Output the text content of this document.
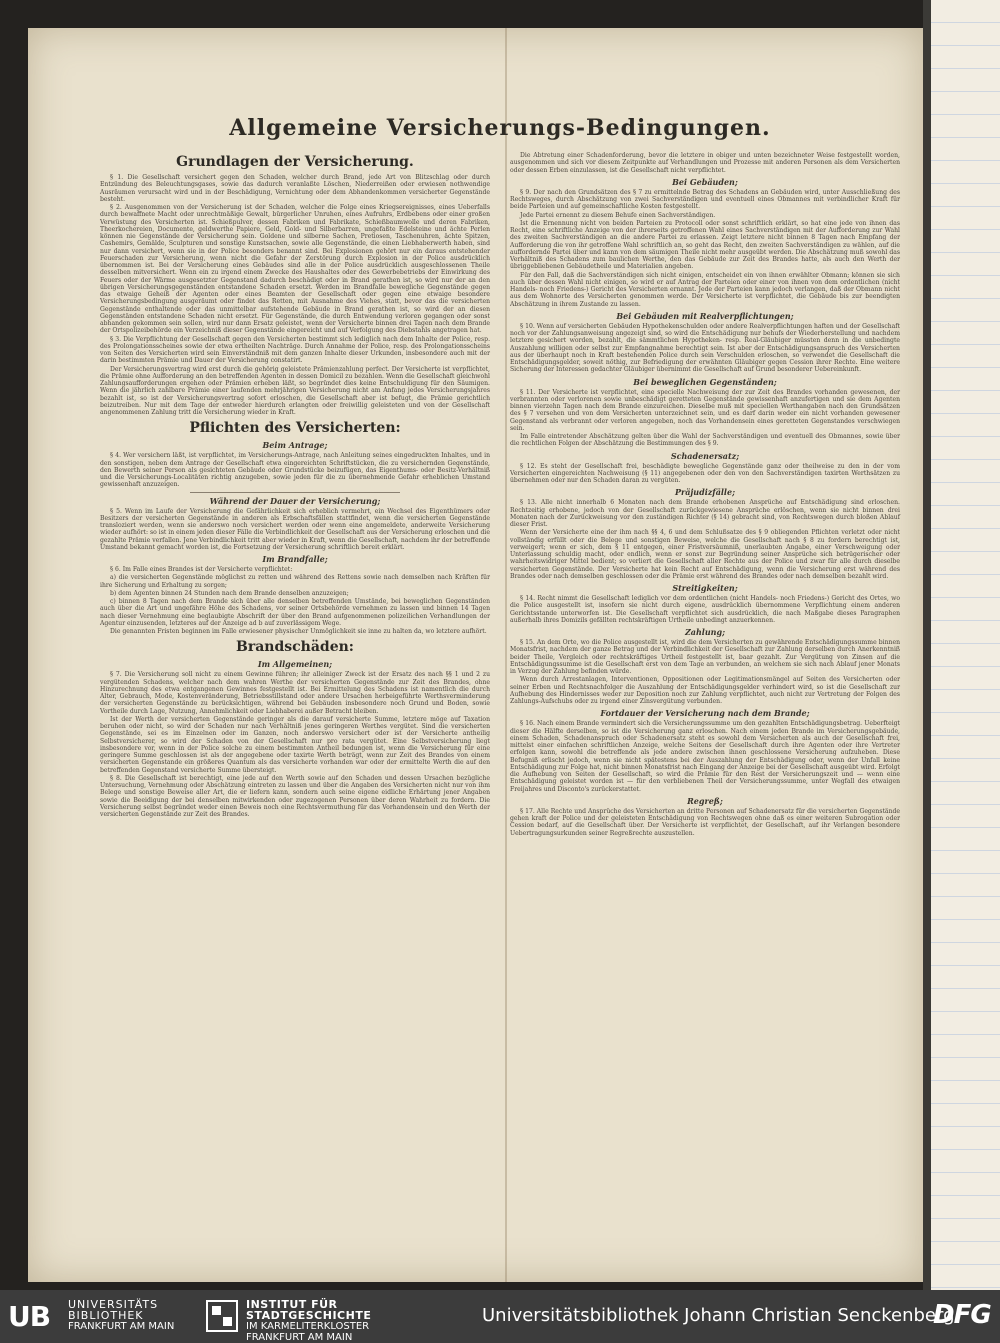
Allgemeine Versicherungs-Bedingungen.
Grundlagen der Versicherung.
§ 1. Die Gesellschaft versichert gegen den Schaden, welcher durch Brand, jede Art von Blitzschlag oder durch Entzündung des Beleuchtungsgases, sowie das dadurch veranlaßte Löschen, Niederreißen oder erwiesen nothwendige Ausräumen verursacht wird und in der Beschädigung, Vernichtung oder dem Abhandenkommen versicherter Gegenstände besteht.
§ 2. Ausgenommen von der Versicherung ist der Schaden, welcher die Folge eines Kriegsereignisses, eines Ueberfalls durch bewaffnete Macht oder unrechtmäßige Gewalt, bürgerlicher Unruhen, eines Aufruhrs, Erdbebens oder einer großen Verwüstung des Versicherten ist. Schießpulver, dessen Fabriken und Fabrikate, Schießbaumwolle und deren Fabriken, Theerkochereien, Documente, geldwerthe Papiere, Geld, Gold- und Silberbarren, ungefaßte Edelsteine und ächte Perlen können nie Gegenstände der Versicherung sein. Goldene und silberne Sachen, Pretiosen, Taschenuhren, ächte Spitzen, Cashemirs, Gemälde, Sculpturen und sonstige Kunstsachen, sowie alle Gegenstände, die einen Liebhaberwerth haben, sind nur dann versichert, wenn sie in der Police besonders benannt sind. Bei Explosionen gehört nur ein daraus entstehender Feuerschaden zur Versicherung, wenn nicht die Gefahr der Zerstörung durch Explosion in der Police ausdrücklich übernommen ist. Bei der Versicherung eines Gebäudes sind alle in der Police ausdrücklich ausgeschlossenen Theile desselben mitversichert. Wenn ein zu irgend einem Zwecke des Haushaltes oder des Gewerbebetriebs der Einwirkung des Feuers oder der Wärme ausgesetzter Gegenstand dadurch beschädigt oder in Brand gerathen ist, so wird nur der an den übrigen Versicherungsgegenständen entstandene Schaden ersetzt. Werden im Brandfalle bewegliche Gegenstände gegen das etwaige Geheiß der Agenten oder eines Beamten der Gesellschaft oder gegen eine etwaige besondere Versicherungsbedingung ausgeräumt oder findet das Retten, mit Ausnahme des Viehes, statt, bevor das die versicherten Gegenstände enthaltende oder das unmittelbar aufstehende Gebäude in Brand gerathen ist, so wird der an diesen Gegenständen entstandene Schaden nicht ersetzt. Für Gegenstände, die durch Entwendung verloren gegangen oder sonst abhanden gekommen sein sollen, wird nur dann Ersatz geleistet, wenn der Versicherte binnen drei Tagen nach dem Brande der Ortspolizeibehörde ein Verzeichniß dieser Gegenstände eingereicht und auf Verfolgung des Diebstahls angetragen hat.
§ 3. Die Verpflichtung der Gesellschaft gegen den Versicherten bestimmt sich lediglich nach dem Inhalte der Police, resp. des Prolongationsscheines sowie der etwa ertheilten Nachträge. Durch Annahme der Police, resp. des Prolongationsscheins von Seiten des Versicherten wird sein Einverständniß mit dem ganzen Inhalte dieser Urkunden, insbesondere auch mit der darin bestimmten Prämie und Dauer der Versicherung constatirt.
Der Versicherungsvertrag wird erst durch die gehörig geleistete Prämienzahlung perfect. Der Versicherte ist verpflichtet, die Prämie ohne Aufforderung an den betreffenden Agenten in dessen Domicil zu bezahlen. Wenn die Gesellschaft gleichwohl Zahlungsaufforderungen ergehen oder Prämien erheben läßt, so begründet dies keine Entschuldigung für den Säumigen. Wenn die jährlich zahlbare Prämie einer laufenden mehrjährigen Versicherung nicht am Anfang jedes Versicherungsjahres bezahlt ist, so ist der Versicherungsvertrag sofort erloschen, die Gesellschaft aber ist befugt, die Prämie gerichtlich beizutreiben. Nur mit dem Tage der entweder hierdurch erlangten oder freiwillig geleisteten und von der Gesellschaft angenommenen Zahlung tritt die Versicherung wieder in Kraft.
Pflichten des Versicherten:
Beim Antrage;
§ 4. Wer versichern läßt, ist verpflichtet, im Versicherungs-Antrage, nach Anleitung seines eingedruckten Inhaltes, und in den sonstigen, neben dem Antrage der Gesellschaft etwa eingereichten Schriftstücken, die zu versichernden Gegenstände, den Bewerth seiner Person als gesichteten Gebäude oder Grundstücke beizufügen, das Eigenthums- oder Besitz-Verhältniß und die Versicherungs-Localitäten richtig anzugeben, sowie jeden für die zu übernehmende Gefahr erheblichen Umstand gewissenhaft anzuzeigen.
Während der Dauer der Versicherung;
§ 5. Wenn im Laufe der Versicherung die Gefährlichkeit sich erheblich vermehrt, ein Wechsel des Eigenthümers oder Besitzers der versicherten Gegenstände in anderen als Erbschaftsfällen stattfindet, wenn die versicherten Gegenstände transloziert werden, wenn sie anderswo noch versichert werden oder wenn eine angemeldete, anderweite Versicherung wieder aufhört: so ist in einem jeden dieser Fälle die Verbindlichkeit der Gesellschaft aus der Versicherung erloschen und die gezahlte Prämie verfallen. Jene Verbindlichkeit tritt aber wieder in Kraft, wenn die Gesellschaft, nachdem ihr der betreffende Umstand bekannt gemacht worden ist, die Fortsetzung der Versicherung schriftlich bereit erklärt.
Im Brandfalle;
§ 6. Im Falle eines Brandes ist der Versicherte verpflichtet:
a) die versicherten Gegenstände möglichst zu retten und während des Rettens sowie nach demselben nach Kräften für ihre Sicherung und Erhaltung zu sorgen;
b) dem Agenten binnen 24 Stunden nach dem Brande denselben anzuzeigen;
c) binnen 8 Tagen nach dem Brande sich über alle denselben betreffenden Umstände, bei beweglichen Gegenständen auch über die Art und ungefähre Höhe des Schadens, vor seiner Ortsbehörde vernehmen zu lassen und binnen 14 Tagen nach dieser Vernehmung eine beglaubigte Abschrift der über den Brand aufgenommenen polizeilichen Verhandlungen der Agentur einzusenden, letzteres auf der Anzeige ad b auf zuverlässigem Wege.
Die genannten Fristen beginnen im Falle erwiesener physischer Unmöglichkeit sie inne zu halten da, wo letztere aufhört.
Brandschäden:
Im Allgemeinen;
§ 7. Die Versicherung soll nicht zu einem Gewinne führen; ihr alleiniger Zweck ist der Ersatz des nach §§ 1 und 2 zu vergütenden Schadens, welcher nach dem wahren Werthe der versicherten Gegenstände zur Zeit des Brandes, ohne Hinzurechnung des etwa entgangenen Gewinnes festgestellt ist. Bei Ermittelung des Schadens ist namentlich die durch Alter, Gebrauch, Mode, Kostenveränderung, Betriebsstillstand oder andere Ursachen herbeigeführte Werthsverminderung der versicherten Gegenstände zu berücksichtigen, während bei Gebäuden insbesondere noch Grund und Boden, sowie Vortheile durch Lage, Nutzung, Annehmlichkeit oder Liebhaberei außer Betracht bleiben.
Ist der Werth der versicherten Gegenstände geringer als die darauf versicherte Summe, letztere möge auf Taxation beruhen oder nicht, so wird der Schaden nur nach Verhältniß jenes geringeren Werthes vergütet. Sind die versicherten Gegenstände, sei es im Einzelnen oder im Ganzen, noch anderswo versichert oder ist der Versicherte antheilig Selbstversicherer, so wird der Schaden von der Gesellschaft nur pro rata vergütet. Eine Selbstversicherung liegt insbesondere vor, wenn in der Police solche zu einem bestimmten Antheil bedungen ist, wenn die Versicherung für eine geringere Summe geschlossen ist als der angegebene oder taxirte Werth beträgt, wenn zur Zeit des Brandes von einem versicherten Gegenstande ein größeres Quantum als das versicherte vorhanden war oder der ermittelte Werth die auf den betreffenden Gegenstand versicherte Summe übersteigt.
§ 8. Die Gesellschaft ist berechtigt, eine jede auf den Werth sowie auf den Schaden und dessen Ursachen bezügliche Untersuchung, Vernehmung oder Abschätzung eintreten zu lassen und über die Angaben des Versicherten nicht nur von ihm Belege und sonstige Beweise aller Art, die er liefern kann, sondern auch seine eigene eidliche Erhärtung jener Angaben sowie die Beeidigung der bei denselben mitwirkenden oder zugezogenen Personen über deren Wahrheit zu fordern. Die Versicherung selbst begründet weder einen Beweis noch eine Rechtsvermuthung für das Vorhandensein und den Werth der versicherten Gegenstände zur Zeit des Brandes.
Die Abtretung einer Schadenforderung, bevor die letztere in obiger und unten bezeichneter Weise festgestellt worden, ausgenommen und sich vor diesem Zeitpunkte auf Verhandlungen und Prozesse mit anderen Personen als dem Versicherten oder dessen Erben einzulassen, ist die Gesellschaft nicht verpflichtet.
Bei Gebäuden;
§ 9. Der nach den Grundsätzen des § 7 zu ermittelnde Betrag des Schadens an Gebäuden wird, unter Ausschließung des Rechtsweges, durch Abschätzung von zwei Sachverständigen und eventuell eines Obmannes mit verbindlicher Kraft für beide Parteien und auf gemeinschaftliche Kosten festgestellt.
Jede Partei ernennt zu diesem Behufe einen Sachverständigen.
Ist die Ernennung nicht von beiden Parteien zu Protocoll oder sonst schriftlich erklärt, so hat eine jede von ihnen das Recht, eine schriftliche Anzeige von der ihrerseits getroffenen Wahl eines Sachverständigen mit der Aufforderung zur Wahl des zweiten Sachverständigen an die andere Partei zu erlassen. Zeigt letztere nicht binnen 8 Tagen nach Empfang der Aufforderung die von ihr getroffene Wahl schriftlich an, so geht das Recht, den zweiten Sachverständigen zu wählen, auf die auffordernde Partei über und kann von dem säumigen Theile nicht mehr ausgeübt werden. Die Abschätzung muß sowohl das Verhältniß des Schadens zum baulichen Werthe, den das Gebäude zur Zeit des Brandes hatte, als auch den Werth der übriggebliebenen Gebäudetheile und Materialien angeben.
Für den Fall, daß die Sachverständigen sich nicht einigen, entscheidet ein von ihnen erwählter Obmann; können sie sich auch über dessen Wahl nicht einigen, so wird er auf Antrag der Parteien oder einer von ihnen von dem ordentlichen (nicht Handels- noch Friedens-) Gericht des Versicherten ernannt. Jede der Parteien kann jedoch verlangen, daß der Obmann nicht aus dem Wohnorte des Versicherten genommen werde. Der Versicherte ist verpflichtet, die Gebäude bis zur beendigten Abschätzung in ihrem Zustande zu lassen.
Bei Gebäuden mit Realverpflichtungen;
§ 10. Wenn auf versicherten Gebäuden Hypothekenschulden oder andere Realverpflichtungen haften und der Gesellschaft noch vor der Zahlungsanweisung angezeigt sind, so wird die Entschädigung nur behufs der Wiederherstellung und nachdem letztere gesichert worden, bezahlt, die sämmtlichen Hypotheken- resp. Real-Gläubiger müssten denn in die unbedingte Auszahlung willigen oder selbst zur Empfangnahme berechtigt sein. Ist aber der Entschädigungsanspruch des Versicherten aus der überhaupt noch in Kraft bestehenden Police durch sein Verschulden erloschen, so verwendet die Gesellschaft die Entschädigungsgelder, soweit nöthig, zur Befriedigung der erwähnten Gläubiger gegen Cession ihrer Rechte. Eine weitere Sicherung der Interessen gedachter Gläubiger übernimmt die Gesellschaft auf Grund besonderer Uebereinkunft.
Bei beweglichen Gegenständen;
§ 11. Der Versicherte ist verpflichtet, eine specielle Nachweisung der zur Zeit des Brandes vorhanden gewesenen, der verbrannten oder verlorenen sowie unbeschädigt geretteten Gegenstände gewissenhaft anzufertigen und sie dem Agenten binnen vierzehn Tagen nach dem Brande einzureichen. Dieselbe muß mit speciellen Werthangaben nach den Grundsätzen des § 7 versehen und von dem Versicherten unterzeichnet sein, und es darf darin weder ein nicht vorhanden gewesener Gegenstand als verbrannt oder verloren angegeben, noch das Vorhandensein eines geretteten Gegenstandes verschwiegen sein.
Im Falle eintretender Abschätzung gelten über die Wahl der Sachverständigen und eventuell des Obmannes, sowie über die rechtlichen Folgen der Abschätzung die Bestimmungen des § 9.
Schadenersatz;
§ 12. Es steht der Gesellschaft frei, beschädigte bewegliche Gegenstände ganz oder theilweise zu den in der vom Versicherten eingereichten Nachweisung (§ 11) angegebenen oder den von den Sachverständigen taxirten Werthsätzen zu übernehmen oder nur den Schaden daran zu vergüten.
Präjudizfälle;
§ 13. Alle nicht innerhalb 6 Monaten nach dem Brande erhobenen Ansprüche auf Entschädigung sind erloschen. Rechtzeitig erhobene, jedoch von der Gesellschaft zurückgewiesene Ansprüche erlöschen, wenn sie nicht binnen drei Monaten nach der Zurückweisung vor den zuständigen Richter (§ 14) gebracht sind, von Rechtswegen durch bloßen Ablauf dieser Frist.
Wenn der Versicherte eine der ihm nach §§ 4, 6 und dem Schlußsatze des § 9 obliegenden Pflichten verletzt oder nicht vollständig erfüllt oder die Belege und sonstigen Beweise, welche die Gesellschaft nach § 8 zu fordern berechtigt ist, verweigert; wenn er sich, dem § 11 entgegen, einer Fristversäumniß, unerlaubten Angabe, einer Verschweigung oder Unterlassung schuldig macht, oder endlich, wenn er sonst zur Begründung seiner Ansprüche sich betrügerischer oder wahrheitswidriger Mittel bedient; so verliert die Gesellschaft aller Rechte aus der Police und zwar für alle durch dieselbe versicherten Gegenstände. Der Versicherte hat kein Recht auf Entschädigung, wenn die Versicherung erst während des Brandes oder nach demselben geschlossen oder die Prämie erst während des Brandes oder nach demselben bezahlt wird.
Streitigkeiten;
§ 14. Recht nimmt die Gesellschaft lediglich vor dem ordentlichen (nicht Handels- noch Friedens-) Gericht des Ortes, wo die Police ausgestellt ist, insofern sie nicht durch eigene, ausdrücklich übernommene Verpflichtung einem anderen Gerichtsstande unterworfen ist. Die Gesellschaft verpflichtet sich ausdrücklich, die nach Maßgabe dieses Paragraphen außerhalb ihres Domizils gefällten rechtskräftigen Urtheile unbedingt anzuerkennen.
Zahlung;
§ 15. An dem Orte, wo die Police ausgestellt ist, wird die dem Versicherten zu gewährende Entschädigungssumme binnen Monatsfrist, nachdem der ganze Betrag und der Verbindlichkeit der Gesellschaft zur Zahlung derselben durch Anerkenntniß beider Theile, Vergleich oder rechtskräftiges Urtheil festgestellt ist, baar gezahlt. Zur Vergütung von Zinsen auf die Entschädigungssumme ist die Gesellschaft erst von dem Tage an verbunden, an welchem sie sich nach Ablauf jener Monats in Verzug der Zahlung befinden würde.
Wenn durch Arrestanlagen, Interventionen, Oppositionen oder Legitimationsmängel auf Seiten des Versicherten oder seiner Erben und Rechtsnachfolger die Auszahlung der Entschädigungsgelder verhindert wird, so ist die Gesellschaft zur Aufhebung des Hindernisses weder zur Deposition noch zur Zahlung verpflichtet, auch nicht zur Vertretung der Folgen des Zahlungs-Aufschubs oder zu irgend einer Zinsvergütung verbunden.
Fortdauer der Versicherung nach dem Brande;
§ 16. Nach einem Brande vermindert sich die Versicherungssumme um den gezahlten Entschädigungsbetrag. Ueberfteigt dieser die Hälfte derselben, so ist die Versicherung ganz erloschen. Nach einem jeden Brande im Versicherungsgebäude, einem Schaden, Schadenanspruch oder Schadenersatz steht es sowohl dem Versicherten als auch der Gesellschaft frei, mittelst einer einfachen schriftlichen Anzeige, welche Seitens der Gesellschaft durch ihre Agenten oder ihre Vertreter erfolgen kann, sowohl die betreffende als jede andere zwischen ihnen geschlossene Versicherung aufzuheben. Diese Befugniß erlischt jedoch, wenn sie nicht spätestens bei der Auszahlung der Entschädigung oder, wenn der Unfall keine Entschädigung zur Folge hat, nicht binnen Monatsfrist nach Eingang der Anzeige bei der Gesellschaft ausgeübt wird. Erfolgt die Aufhebung von Seiten der Gesellschaft, so wird die Prämie für den Rest der Versicherungszeit und — wenn eine Entschädigung geleistet worden ist — für den verbliebenen Theil der Versicherungssumme, unter Wegfall des etwaigen Freijahres und Disconto's zurückerstattet.
Regreß;
§ 17. Alle Rechte und Ansprüche des Versicherten an dritte Personen auf Schadenersatz für die versicherten Gegenstände gehen kraft der Police und der geleisteten Entschädigung von Rechtswegen ohne daß es einer weiteren Subrogation oder Cession bedarf, auf die Gesellschaft über. Der Versicherte ist verpflichtet, der Gesellschaft, auf ihr Verlangen besondere Uebertragungsurkunden seiner Regreßrechte auszustellen.
UB	UNIVERSITÄTS
BIBLIOTHEK
FRANKFURT AM MAIN
INSTITUT FÜR
STADTGESCHICHTE
IM KARMELITERKLOSTER
FRANKFURT AM MAIN
Universitätsbibliothek Johann Christian Senckenberg
DFG
